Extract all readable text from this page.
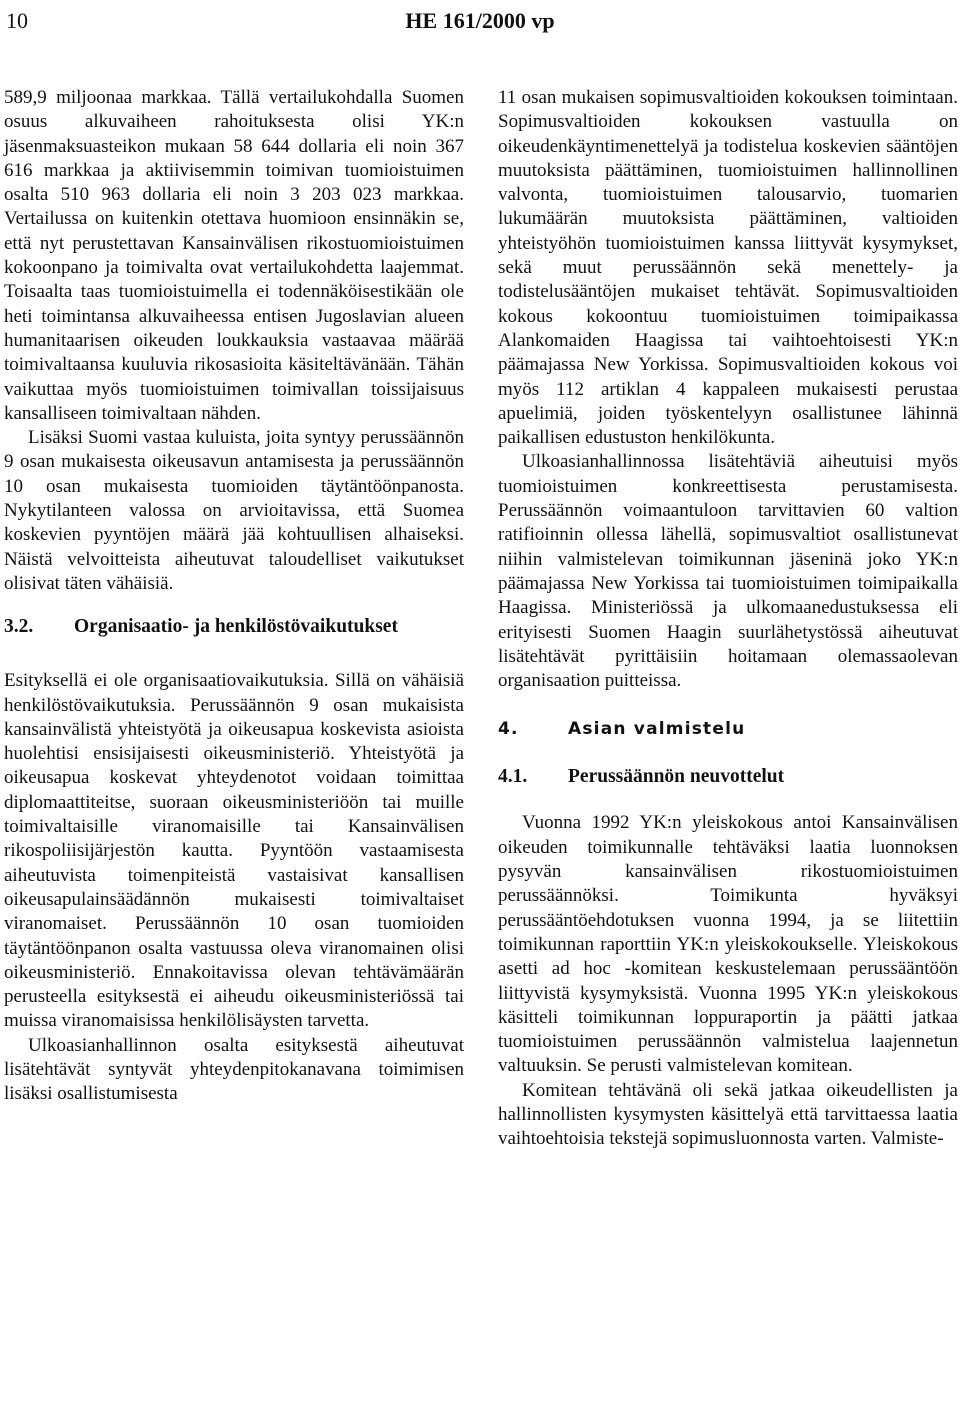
10	HE 161/2000 vp

589,9 miljoonaa markkaa. Tällä vertailukohdalla Suomen osuus alkuvaiheen rahoituksesta olisi YK:n jäsenmaksuasteikon mukaan 58 644 dollaria eli noin 367 616 markkaa ja aktiivisemmin toimivan tuomioistuimen osalta 510 963 dollaria eli noin 3 203 023 markkaa. Vertailussa on kuitenkin otettava huomioon ensinnäkin se, että nyt perustettavan Kansainvälisen rikostuomioistuimen kokoonpano ja toimivalta ovat vertailukohdetta laajemmat. Toisaalta taas tuomioistuimella ei todennäköisestikään ole heti toimintansa alkuvaiheessa entisen Jugoslavian alueen humanitaarisen oikeuden loukkauksia vastaavaa määrää toimivaltaansa kuuluvia rikosasioita käsiteltävänään. Tähän vaikuttaa myös tuomioistuimen toimivallan toissijaisuus kansalliseen toimivaltaan nähden.

Lisäksi Suomi vastaa kuluista, joita syntyy perussäännön 9 osan mukaisesta oikeusavun antamisesta ja perussäännön 10 osan mukaisesta tuomioiden täytäntöönpanosta. Nykytilanteen valossa on arvioitavissa, että Suomea koskevien pyyntöjen määrä jää kohtuullisen alhaiseksi. Näistä velvoitteista aiheutuvat taloudelliset vaikutukset olisivat täten vähäisiä.

3.2.	Organisaatio- ja henkilöstövaikutukset

Esityksellä ei ole organisaatiovaikutuksia. Sillä on vähäisiä henkilöstövaikutuksia. Perussäännön 9 osan mukaisista kansainvälistä yhteistyötä ja oikeusapua koskevista asioista huolehtisi ensisijaisesti oikeusministeriö. Yhteistyötä ja oikeusapua koskevat yhteydenotot voidaan toimittaa diplomaattiteitse, suoraan oikeusministeriöön tai muille toimivaltaisille viranomaisille tai Kansainvälisen rikospoliisijärjestön kautta. Pyyntöön vastaamisesta aiheutuvista toimenpiteistä vastaisivat kansallisen oikeusapulainsäädännön mukaisesti toimivaltaiset viranomaiset. Perussäännön 10 osan tuomioiden täytäntöönpanon osalta vastuussa oleva viranomainen olisi oikeusministeriö. Ennakoitavissa olevan tehtävämäärän perusteella esityksestä ei aiheudu oikeusministeriössä tai muissa viranomaisissa henkilölisäysten tarvetta.

Ulkoasianhallinnon osalta esityksestä aiheutuvat lisätehtävät syntyvät yhteydenpitokanavana toimimisen lisäksi osallistumisesta

11 osan mukaisen sopimusvaltioiden kokouksen toimintaan. Sopimusvaltioiden kokouksen vastuulla on oikeudenkäyntimenettelyä ja todistelua koskevien sääntöjen muutoksista päättäminen, tuomioistuimen hallinnollinen valvonta, tuomioistuimen talousarvio, tuomarien lukumäärän muutoksista päättäminen, valtioiden yhteistyöhön tuomioistuimen kanssa liittyvät kysymykset, sekä muut perussäännön sekä menettely- ja todistelusääntöjen mukaiset tehtävät. Sopimusvaltioiden kokous kokoontuu tuomioistuimen toimipaikassa Alankomaiden Haagissa tai vaihtoehtoisesti YK:n päämajassa New Yorkissa. Sopimusvaltioiden kokous voi myös 112 artiklan 4 kappaleen mukaisesti perustaa apuelimiä, joiden työskentelyyn osallistunee lähinnä paikallisen edustuston henkilökunta.

Ulkoasianhallinnossa lisätehtäviä aiheutuisi myös tuomioistuimen konkreettisesta perustamisesta. Perussäännön voimaantuloon tarvittavien 60 valtion ratifioinnin ollessa lähellä, sopimusvaltiot osallistunevat niihin valmistelevan toimikunnan jäseninä joko YK:n päämajassa New Yorkissa tai tuomioistuimen toimipaikalla Haagissa. Ministeriössä ja ulkomaanedustuksessa eli erityisesti Suomen Haagin suurlähetystössä aiheutuvat lisätehtävät pyrittäisiin hoitamaan olemassaolevan organisaation puitteissa.

4.	Asian valmistelu
4.1.	Perussäännön neuvottelut

Vuonna 1992 YK:n yleiskokous antoi Kansainvälisen oikeuden toimikunnalle tehtäväksi laatia luonnoksen pysyvän kansainvälisen rikostuomioistuimen perussäännöksi. Toimikunta hyväksyi perussääntöehdotuksen vuonna 1994, ja se liitettiin toimikunnan raporttiin YK:n yleiskokoukselle. Yleiskokous asetti ad hoc -komitean keskustelemaan perussääntöön liittyvistä kysymyksistä. Vuonna 1995 YK:n yleiskokous käsitteli toimikunnan loppuraportin ja päätti jatkaa tuomioistuimen perussäännön valmistelua laajennetun valtuuksin. Se perusti valmistelevan komitean.

Komitean tehtävänä oli sekä jatkaa oikeudellisten ja hallinnollisten kysymysten käsittelyä että tarvittaessa laatia vaihtoehtoisia tekstejä sopimusluonnosta varten. Valmiste-
